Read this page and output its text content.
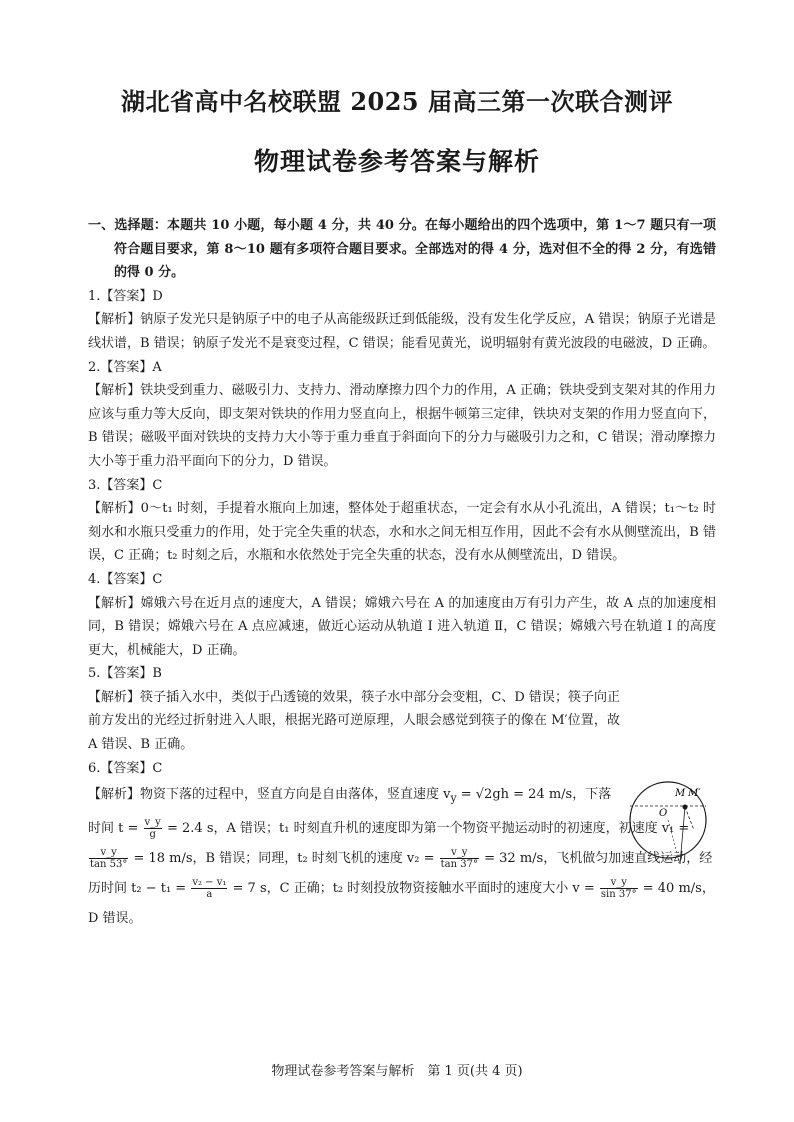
湖北省高中名校联盟 2025 届高三第一次联合测评
物理试卷参考答案与解析

一、选择题：本题共 10 小题，每小题 4 分，共 40 分。在每小题给出的四个选项中，第 1～7 题只有一项符合题目要求，第 8～10 题有多项符合题目要求。全部选对的得 4 分，选对但不全的得 2 分，有选错的得 0 分。

1.【答案】D

【解析】钠原子发光只是钠原子中的电子从高能级跃迁到低能级，没有发生化学反应，A 错误；钠原子光谱是线状谱，B 错误；钠原子发光不是衰变过程，C 错误；能看见黄光，说明辐射有黄光波段的电磁波，D 正确。

2.【答案】A

【解析】铁块受到重力、磁吸引力、支持力、滑动摩擦力四个力的作用，A 正确；铁块受到支架对其的作用力应该与重力等大反向，即支架对铁块的作用力竖直向上，根据牛顿第三定律，铁块对支架的作用力竖直向下，B 错误；磁吸平面对铁块的支持力大小等于重力垂直于斜面向下的分力与磁吸引力之和，C 错误；滑动摩擦力大小等于重力沿平面向下的分力，D 错误。

3.【答案】C

【解析】0～t₁ 时刻，手提着水瓶向上加速，整体处于超重状态，一定会有水从小孔流出，A 错误；t₁～t₂ 时刻水和水瓶只受重力的作用，处于完全失重的状态，水和水之间无相互作用，因此不会有水从侧壁流出，B 错误，C 正确；t₂ 时刻之后，水瓶和水依然处于完全失重的状态，没有水从侧壁流出，D 错误。

4.【答案】C

【解析】嫦娥六号在近月点的速度大，A 错误；嫦娥六号在 A 的加速度由万有引力产生，故 A 点的加速度相同，B 错误；嫦娥六号在 A 点应减速，做近心运动从轨道 Ⅰ 进入轨道 Ⅱ，C 错误；嫦娥六号在轨道 Ⅰ 的高度更大，机械能大，D 正确。

5.【答案】B

【解析】筷子插入水中，类似于凸透镜的效果，筷子水中部分会变粗，C、D 错误；筷子向正前方发出的光经过折射进入人眼，根据光路可逆原理，人眼会感觉到筷子的像在 M′位置，故 A 错误、B 正确。

6.【答案】C

【解析】物资下落的过程中，竖直方向是自由落体，竖直速度 $v_y = √2gh = 24$ m/s，下落

时间 $t = \frac{v\_y}{g} = 2.4$ s，A 错误；t₁ 时刻直升机的速度即为第一个物资平抛运动时的初速度，初速度 v₁ =

$\frac{v\_y}{\tan 53^\circ} = 18$ m/s，B 错误；同理，t₂ 时刻飞机的速度 $v_2 = \frac{v\_y}{\tan 37^\circ} = 32$ m/s，飞机做匀加速直线运动，经

历时间 $t_2 - t_1 = \frac{\text{v₂ − v₁}}{a} = 7$ s，C 正确；t₂ 时刻投放物资接触水平面时的速度大小 $v = \frac{v\_y}{\sin 37^\circ} = 40$ m/s，

D 错误。

M M′
O
物理试卷参考答案与解析　第 1 页(共 4 页)
